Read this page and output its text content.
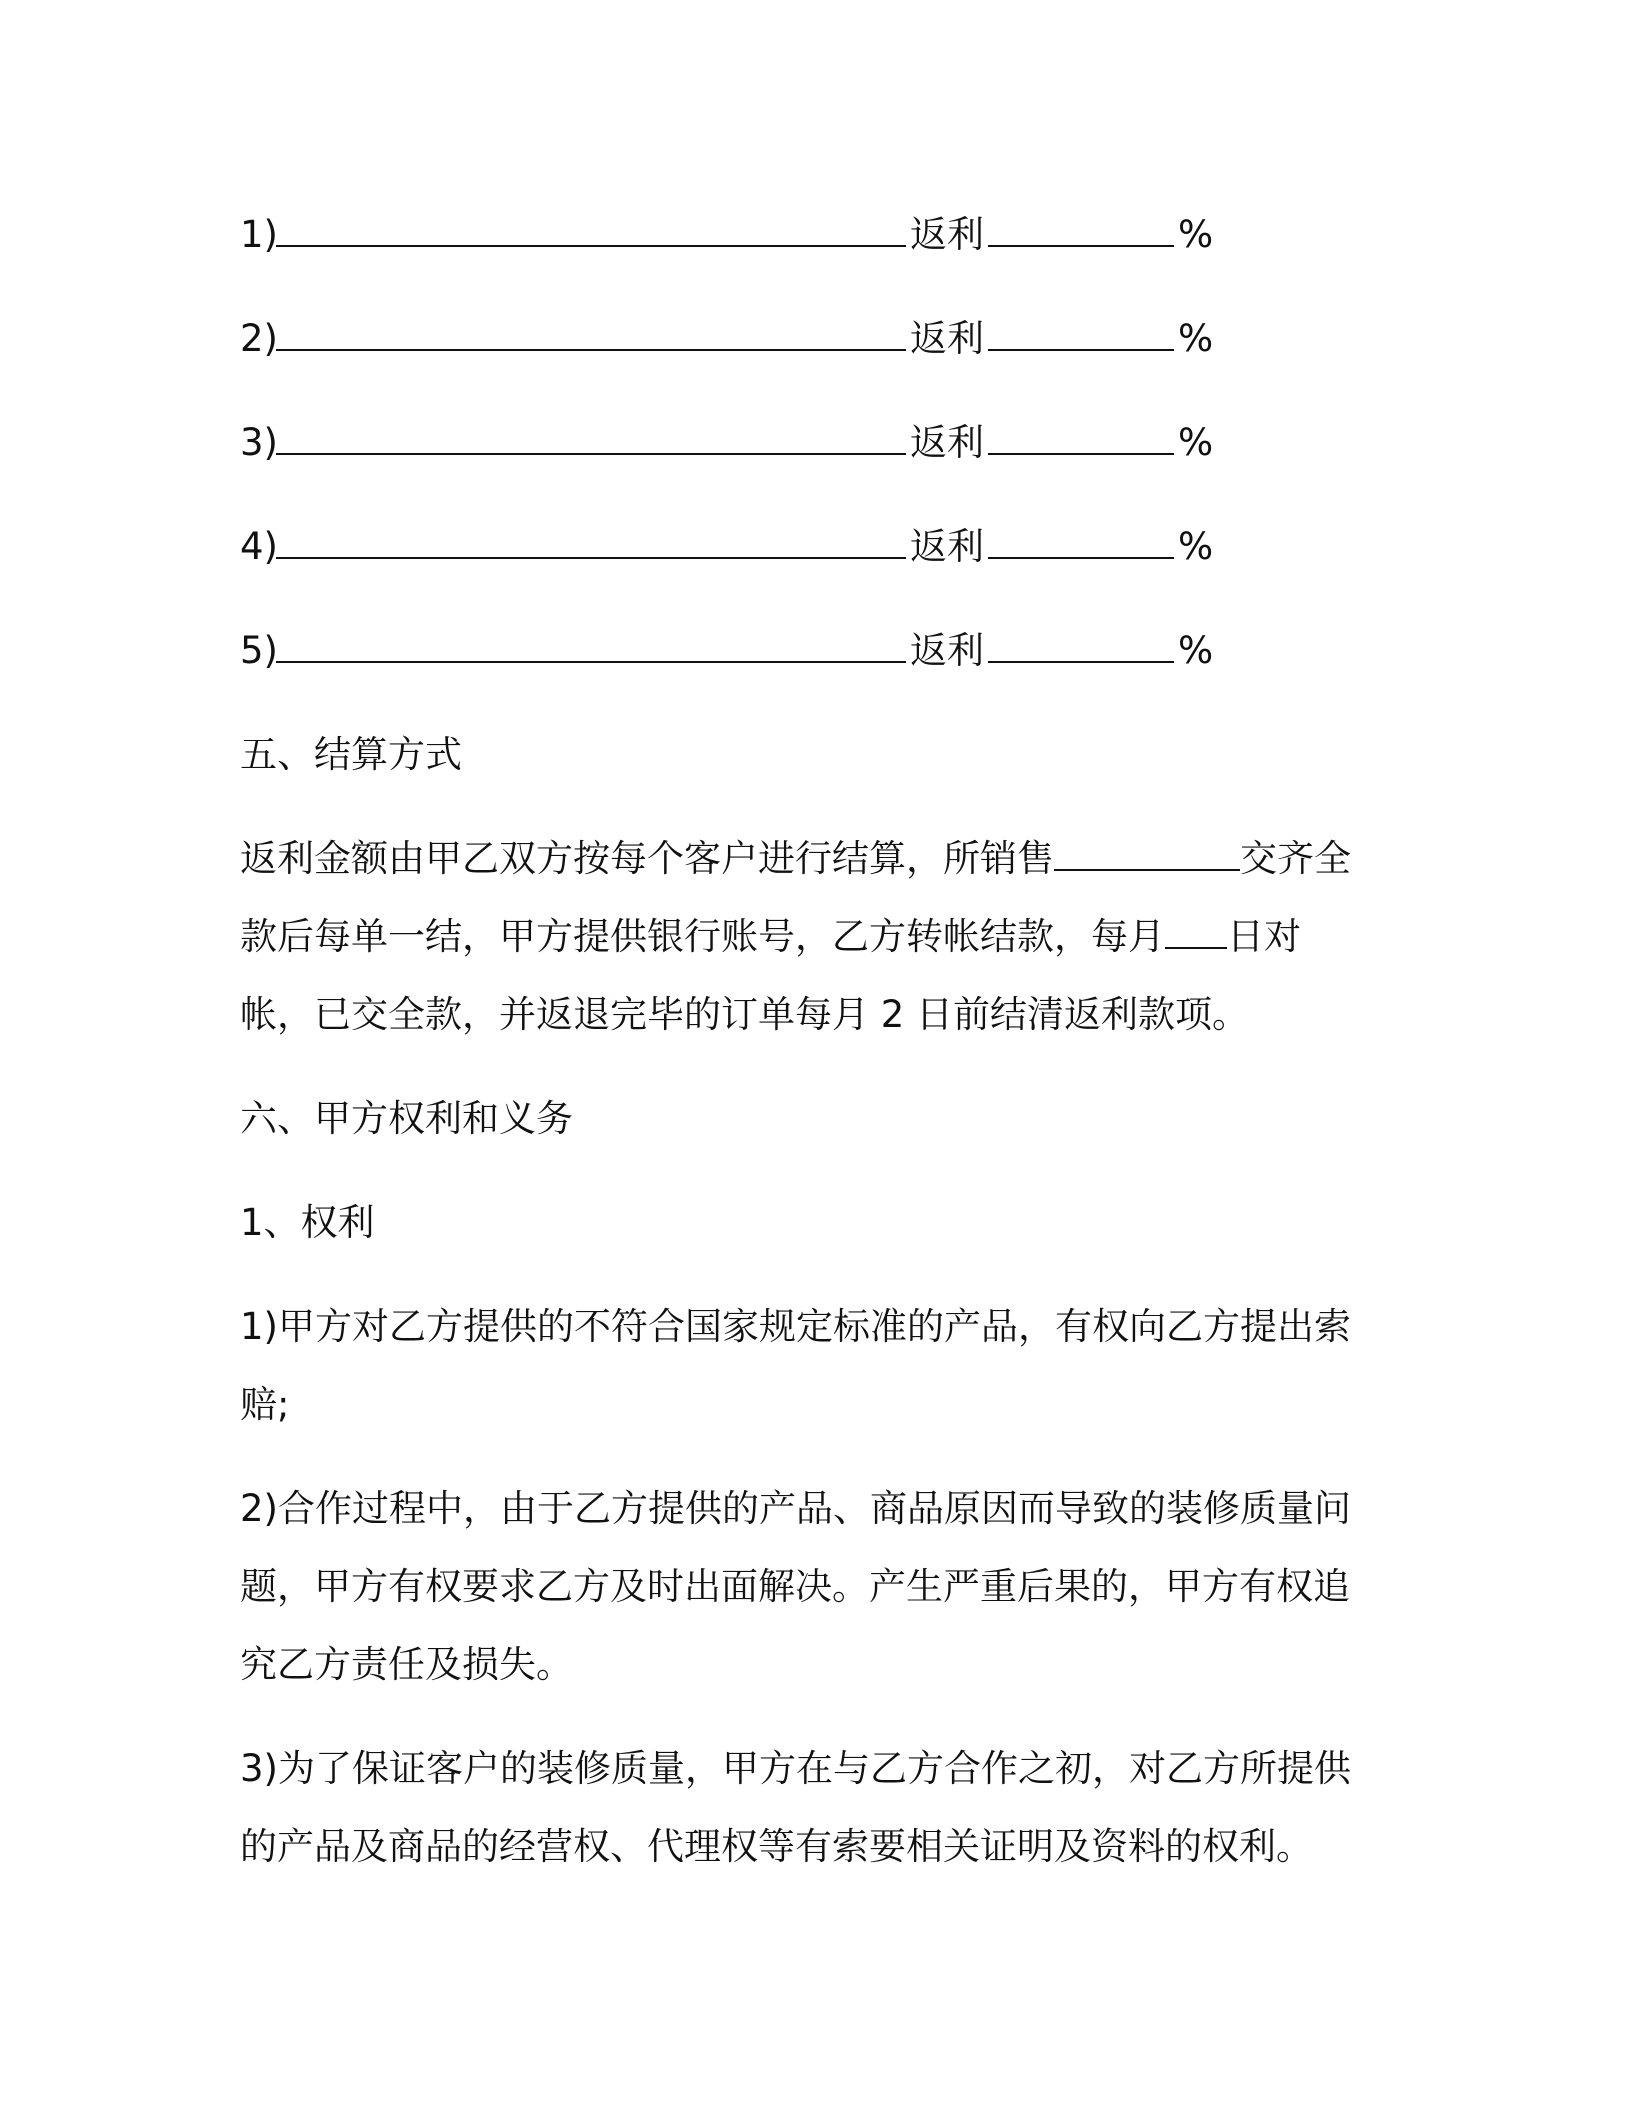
1)	返利	%
2)	返利	%
3)	返利	%
4)	返利	%
5)	返利	%

五、结算方式

返利金额由甲乙双方按每个客户进行结算，所销售	交齐全款后每单一结，甲方提供银行账号，乙方转帐结款，每月 日对帐，已交全款，并返退完毕的订单每月 2 日前结清返利款项。

六、甲方权利和义务

1、权利

1)甲方对乙方提供的不符合国家规定标准的产品，有权向乙方提出索赔;

2)合作过程中，由于乙方提供的产品、商品原因而导致的装修质量问题，甲方有权要求乙方及时出面解决。产生严重后果的，甲方有权追究乙方责任及损失。

3)为了保证客户的装修质量，甲方在与乙方合作之初，对乙方所提供的产品及商品的经营权、代理权等有索要相关证明及资料的权利。
